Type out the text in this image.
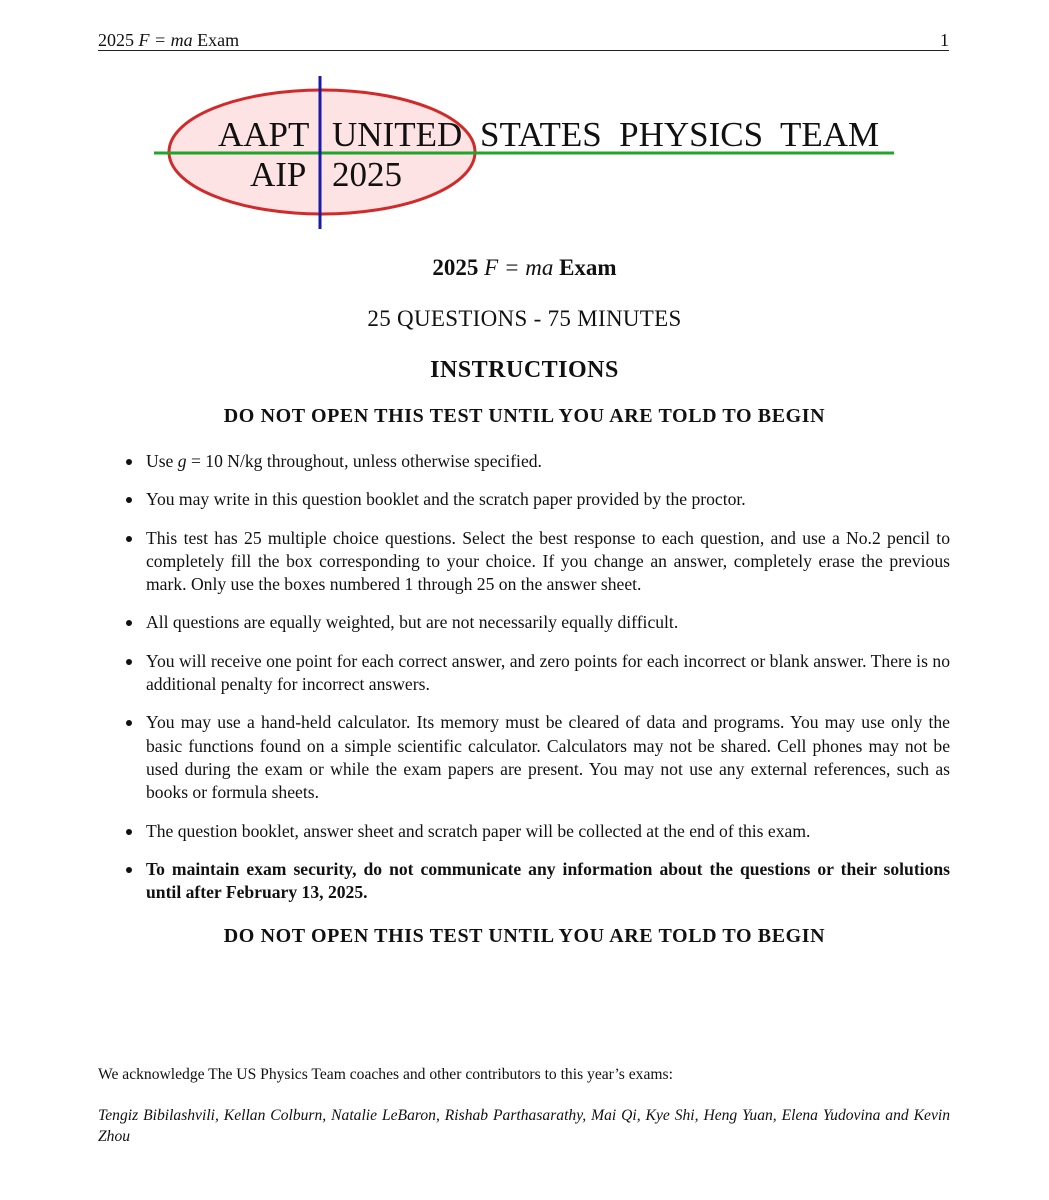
2025 F = ma Exam	1
AAPT UNITED STATES  PHYSICS  TEAM
AIP 2025
2025 F = ma Exam
25 QUESTIONS - 75 MINUTES
INSTRUCTIONS
DO NOT OPEN THIS TEST UNTIL YOU ARE TOLD TO BEGIN
Use g = 10 N/kg throughout, unless otherwise specified.
You may write in this question booklet and the scratch paper provided by the proctor.
This test has 25 multiple choice questions. Select the best response to each question, and use a No.2 pencil to completely fill the box corresponding to your choice. If you change an answer, completely erase the previous mark. Only use the boxes numbered 1 through 25 on the answer sheet.
All questions are equally weighted, but are not necessarily equally difficult.
You will receive one point for each correct answer, and zero points for each incorrect or blank answer. There is no additional penalty for incorrect answers.
You may use a hand-held calculator. Its memory must be cleared of data and programs. You may use only the basic functions found on a simple scientific calculator. Calculators may not be shared. Cell phones may not be used during the exam or while the exam papers are present. You may not use any external references, such as books or formula sheets.
The question booklet, answer sheet and scratch paper will be collected at the end of this exam.
To maintain exam security, do not communicate any information about the questions or their solutions until after February 13, 2025.
DO NOT OPEN THIS TEST UNTIL YOU ARE TOLD TO BEGIN
We acknowledge The US Physics Team coaches and other contributors to this year’s exams:
Tengiz Bibilashvili, Kellan Colburn, Natalie LeBaron, Rishab Parthasarathy, Mai Qi, Kye Shi, Heng Yuan, Elena Yudovina and Kevin Zhou
